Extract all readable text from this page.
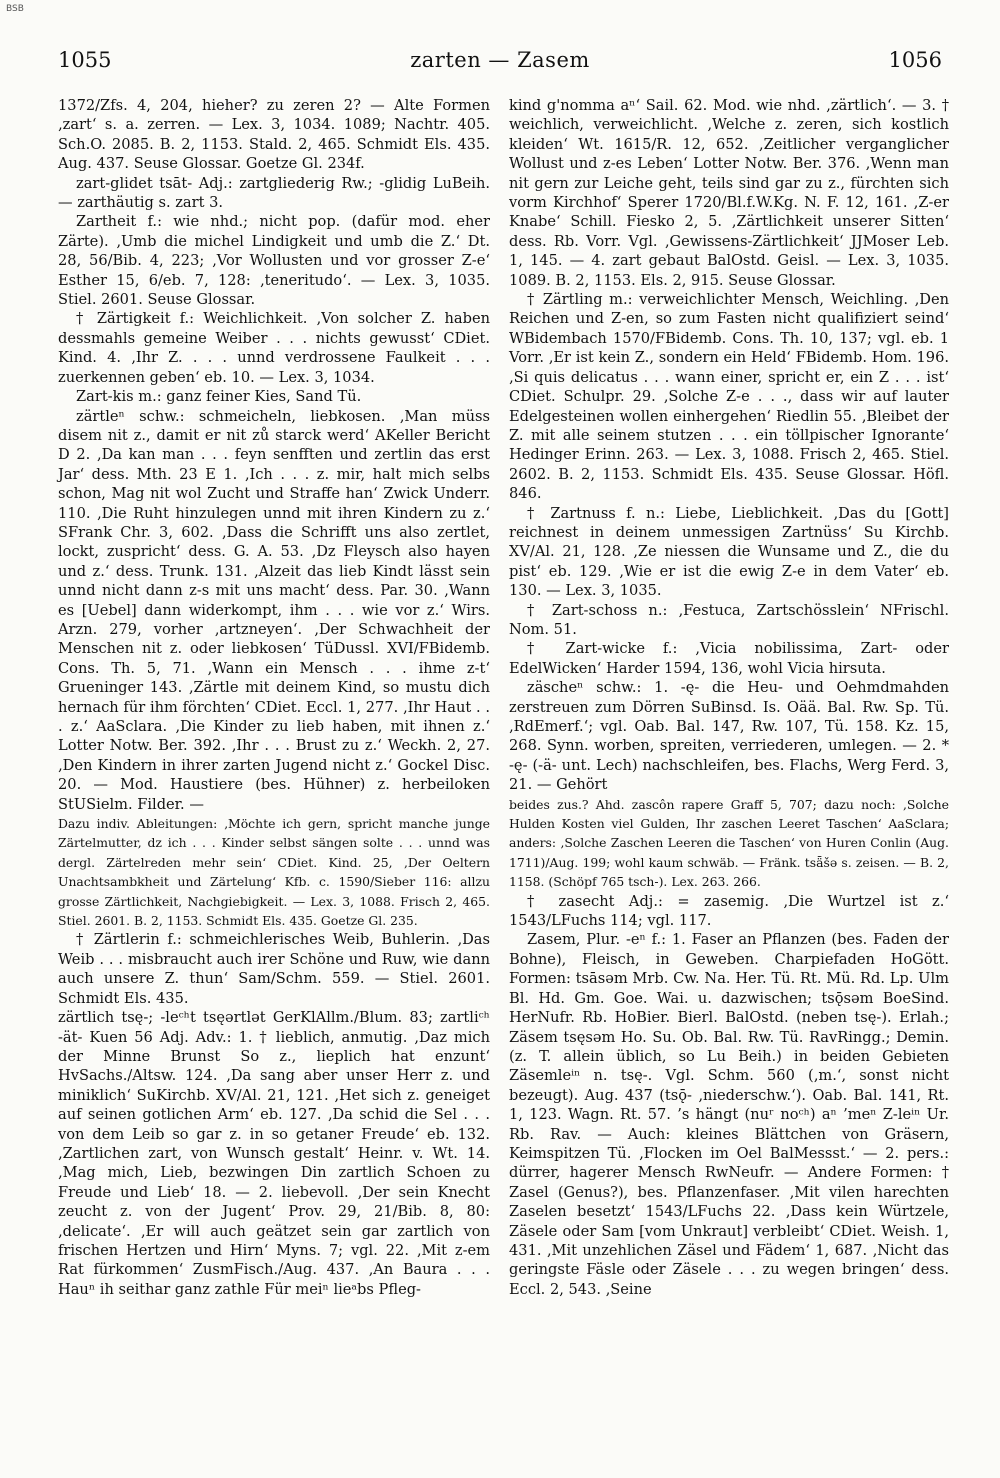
BSB
1055	zarten — Zasem	1056

1372/Zfs. 4, 204, hieher? zu zeren 2? — Alte Formen ‚zart‘ s. a. zerren. — Lex. 3, 1034. 1089; Nachtr. 405. Sch.O. 2085. B. 2, 1153. Stald. 2, 465. Schmidt Els. 435. Aug. 437. Seuse Glossar. Goetze Gl. 234f.

zart-glidet tsāt- Adj.: zartgliederig Rw.; -glidig LuBeih. — zarthäutig s. zart 3.

Zartheit f.: wie nhd.; nicht pop. (dafür mod. eher Zärte). ‚Umb die michel Lindigkeit und umb die Z.‘ Dt. 28, 56/Bib. 4, 223; ‚Vor Wollusten und vor grosser Z-e‘ Esther 15, 6/eb. 7, 128: ‚teneritudo‘. — Lex. 3, 1035. Stiel. 2601. Seuse Glossar.

† Zärtigkeit f.: Weichlichkeit. ‚Von solcher Z. haben dessmahls gemeine Weiber . . . nichts gewusst‘ CDiet. Kind. 4. ‚Ihr Z. . . . unnd verdrossene Faulkeit . . . zuerkennen geben‘ eb. 10. — Lex. 3, 1034.

Zart-kis m.: ganz feiner Kies, Sand Tü.

zärtleⁿ schw.: schmeicheln, liebkosen. ‚Man müss disem nit z., damit er nit zů starck werd‘ AKeller Bericht D 2. ‚Da kan man . . . feyn senfften und zertlin das erst Jar‘ dess. Mth. 23 E 1. ‚Ich . . . z. mir, halt mich selbs schon, Mag nit wol Zucht und Straffe han‘ Zwick Underr. 110. ‚Die Ruht hinzulegen unnd mit ihren Kindern zu z.‘ SFrank Chr. 3, 602. ‚Dass die Schrifft uns also zertlet, lockt, zuspricht‘ dess. G. A. 53. ‚Dz Fleysch also hayen und z.‘ dess. Trunk. 131. ‚Alzeit das lieb Kindt lässt sein unnd nicht dann z-s mit uns macht‘ dess. Par. 30. ‚Wann es [Uebel] dann widerkompt, ihm . . . wie vor z.‘ Wirs. Arzn. 279, vorher ‚artzneyen‘. ‚Der Schwachheit der Menschen nit z. oder liebkosen‘ TüDussl. XVI/FBidemb. Cons. Th. 5, 71. ‚Wann ein Mensch . . . ihme z-t‘ Grueninger 143. ‚Zärtle mit deinem Kind, so mustu dich hernach für ihm förchten‘ CDiet. Eccl. 1, 277. ‚Ihr Haut . . . z.‘ AaSclara. ‚Die Kinder zu lieb haben, mit ihnen z.‘ Lotter Notw. Ber. 392. ‚Ihr . . . Brust zu z.‘ Weckh. 2, 27. ‚Den Kindern in ihrer zarten Jugend nicht z.‘ Gockel Disc. 20. — Mod. Haustiere (bes. Hühner) z. herbeiloken StUSielm. Filder. —

Dazu indiv. Ableitungen: ‚Möchte ich gern, spricht manche junge Zärtelmutter, dz ich . . . Kinder selbst sängen solte . . . unnd was dergl. Zärtelreden mehr sein‘ CDiet. Kind. 25, ‚Der Oeltern Unachtsambkheit und Zärtelung‘ Kfb. c. 1590/Sieber 116: allzu grosse Zärtlichkeit, Nachgiebigkeit. — Lex. 3, 1088. Frisch 2, 465. Stiel. 2601. B. 2, 1153. Schmidt Els. 435. Goetze Gl. 235.

† Zärtlerin f.: schmeichlerisches Weib, Buhlerin. ‚Das Weib . . . misbraucht auch irer Schöne und Ruw, wie dann auch unsere Z. thun‘ Sam/Schm. 559. — Stiel. 2601. Schmidt Els. 435.

zärtlich tsę-; -leᶜʰt tsęərtlət GerKlAllm./Blum. 83; zartliᶜʰ -ät- Kuen 56 Adj. Adv.: 1. † lieblich, anmutig. ‚Daz mich der Minne Brunst So z., lieplich hat enzunt‘ HvSachs./Altsw. 124. ‚Da sang aber unser Herr z. und miniklich‘ SuKirchb. XV/Al. 21, 121. ‚Het sich z. geneiget auf seinen gotlichen Arm‘ eb. 127. ‚Da schid die Sel . . . von dem Leib so gar z. in so getaner Freude‘ eb. 132. ‚Zartlichen zart, von Wunsch gestalt‘ Heinr. v. Wt. 14. ‚Mag mich, Lieb, bezwingen Din zartlich Schoen zu Freude und Lieb‘ 18. — 2. liebevoll. ‚Der sein Knecht zeucht z. von der Jugent‘ Prov. 29, 21/Bib. 8, 80: ‚delicate‘. ‚Er will auch geätzet sein gar zartlich von frischen Hertzen und Hirn‘ Myns. 7; vgl. 22. ‚Mit z-em Rat fürkommen‘ ZusmFisch./Aug. 437. ‚An Baura . . . Hauⁿ ih seithar ganz zathle Für meiⁿ lieᵃbs Pfleg-

kind g'nomma aⁿ‘ Sail. 62. Mod. wie nhd. ‚zärtlich‘. — 3. † weichlich, verweichlicht. ‚Welche z. zeren, sich kostlich kleiden‘ Wt. 1615/R. 12, 652. ‚Zeitlicher verganglicher Wollust und z-es Leben‘ Lotter Notw. Ber. 376. ‚Wenn man nit gern zur Leiche geht, teils sind gar zu z., fürchten sich vorm Kirchhof‘ Sperer 1720/Bl.f.W.Kg. N. F. 12, 161. ‚Z-er Knabe‘ Schill. Fiesko 2, 5. ‚Zärtlichkeit unserer Sitten‘ dess. Rb. Vorr. Vgl. ‚Gewissens-Zärtlichkeit‘ JJMoser Leb. 1, 145. — 4. zart gebaut BalOstd. Geisl. — Lex. 3, 1035. 1089. B. 2, 1153. Els. 2, 915. Seuse Glossar.

† Zärtling m.: verweichlichter Mensch, Weichling. ‚Den Reichen und Z-en, so zum Fasten nicht qualifiziert seind‘ WBidembach 1570/FBidemb. Cons. Th. 10, 137; vgl. eb. 1 Vorr. ‚Er ist kein Z., sondern ein Held‘ FBidemb. Hom. 196. ‚Si quis delicatus . . . wann einer, spricht er, ein Z . . . ist‘ CDiet. Schulpr. 29. ‚Solche Z-e . . ., dass wir auf lauter Edelgesteinen wollen einhergehen‘ Riedlin 55. ‚Bleibet der Z. mit alle seinem stutzen . . . ein töllpischer Ignorante‘ Hedinger Erinn. 263. — Lex. 3, 1088. Frisch 2, 465. Stiel. 2602. B. 2, 1153. Schmidt Els. 435. Seuse Glossar. Höfl. 846.

† Zartnuss f. n.: Liebe, Lieblichkeit. ‚Das du [Gott] reichnest in deinem unmessigen Zartnüss‘ Su Kirchb. XV/Al. 21, 128. ‚Ze niessen die Wunsame und Z., die du pist‘ eb. 129. ‚Wie er ist die ewig Z-e in dem Vater‘ eb. 130. — Lex. 3, 1035.

† Zart-schoss n.: ‚Festuca, Zartschösslein‘ NFrischl. Nom. 51.

† Zart-wicke f.: ‚Vicia nobilissima, Zart- oder EdelWicken‘ Harder 1594, 136, wohl Vicia hirsuta.

zäscheⁿ schw.: 1. -ę- die Heu- und Oehmdmahden zerstreuen zum Dörren SuBinsd. Is. Oää. Bal. Rw. Sp. Tü. ‚RdEmerf.‘; vgl. Oab. Bal. 147, Rw. 107, Tü. 158. Kz. 15, 268. Synn. worben, spreiten, verriederen, umlegen. — 2. * -ę- (-ä- unt. Lech) nachschleifen, bes. Flachs, Werg Ferd. 3, 21. — Gehört

beides zus.? Ahd. zascôn rapere Graff 5, 707; dazu noch: ‚Solche Hulden Kosten viel Gulden, Ihr zaschen Leeret Taschen‘ AaSclara; anders: ‚Solche Zaschen Leeren die Taschen‘ von Huren Conlin (Aug. 1711)/Aug. 199; wohl kaum schwäb. — Fränk. tsǟšə s. zeisen. — B. 2, 1158. (Schöpf 765 tsch-). Lex. 263. 266.

† zasecht Adj.: = zasemig. ‚Die Wurtzel ist z.‘ 1543/LFuchs 114; vgl. 117.

Zasem, Plur. -eⁿ f.: 1. Faser an Pflanzen (bes. Faden der Bohne), Fleisch, in Geweben. Charpiefaden HoGött. Formen: tsāsəm Mrb. Cw. Na. Her. Tü. Rt. Mü. Rd. Lp. Ulm Bl. Hd. Gm. Goe. Wai. u. dazwischen; tsǭsəm BoeSind. HerNufr. Rb. HoBier. Bierl. BalOstd. (neben tsę-). Erlah.; Zäsem tsęsəm Ho. Su. Ob. Bal. Rw. Tü. RavRingg.; Demin. (z. T. allein üblich, so Lu Beih.) in beiden Gebieten Zäsemleⁱⁿ n. tsę-. Vgl. Schm. 560 (‚m.‘, sonst nicht bezeugt). Aug. 437 (tsǭ- ‚niederschw.‘). Oab. Bal. 141, Rt. 1, 123. Wagn. Rt. 57. ’s hängt (nuʳ noᶜʰ) aⁿ ’meⁿ Z-leⁱⁿ Ur. Rb. Rav. — Auch: kleines Blättchen von Gräsern, Keimspitzen Tü. ‚Flocken im Oel BalMessst.‘ — 2. pers.: dürrer, hagerer Mensch RwNeufr. — Andere Formen: † Zasel (Genus?), bes. Pflanzenfaser. ‚Mit vilen harechten Zaselen besetzt‘ 1543/LFuchs 22. ‚Dass kein Würtzele, Zäsele oder Sam [vom Unkraut] verbleibt‘ CDiet. Weish. 1, 431. ‚Mit unzehlichen Zäsel und Fädem‘ 1, 687. ‚Nicht das geringste Fäsle oder Zäsele . . . zu wegen bringen‘ dess. Eccl. 2, 543. ‚Seine
